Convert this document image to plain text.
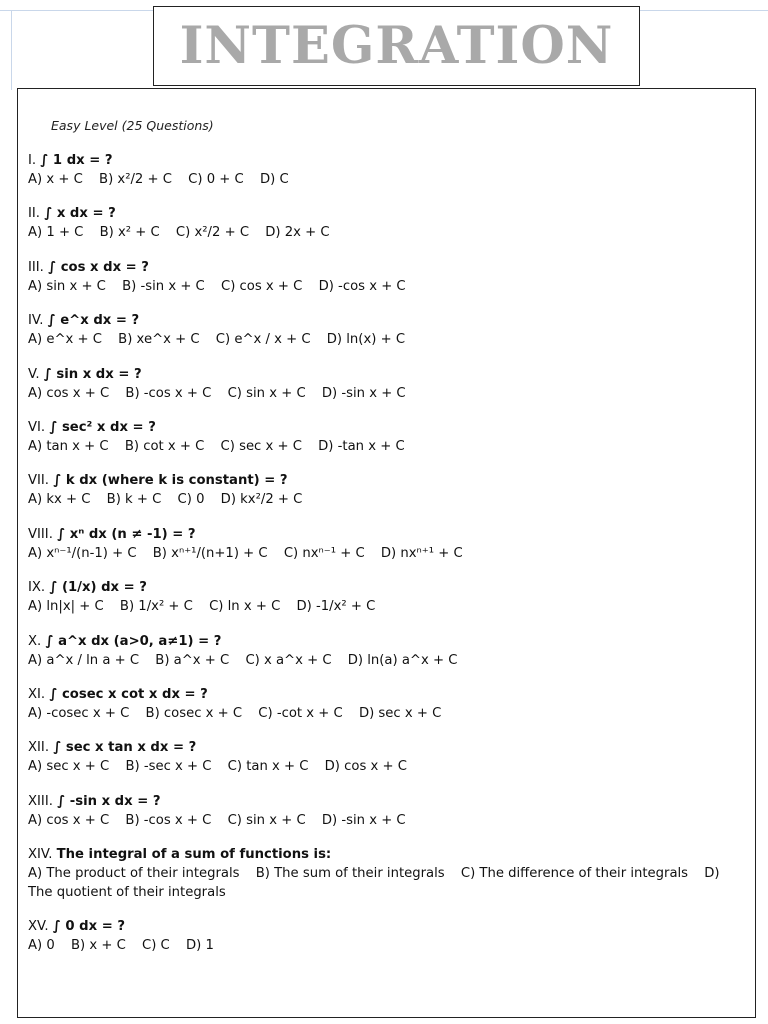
INTEGRATION
Easy Level (25 Questions)
I. ∫ 1 dx = ?
A) x + C B) x²/2 + C C) 0 + C D) C
II. ∫ x dx = ?
A) 1 + C B) x² + C C) x²/2 + C D) 2x + C
III. ∫ cos x dx = ?
A) sin x + C B) -sin x + C C) cos x + C D) -cos x + C
IV. ∫ e^x dx = ?
A) e^x + C B) xe^x + C C) e^x / x + C D) ln(x) + C
V. ∫ sin x dx = ?
A) cos x + C B) -cos x + C C) sin x + C D) -sin x + C
VI. ∫ sec² x dx = ?
A) tan x + C B) cot x + C C) sec x + C D) -tan x + C
VII. ∫ k dx (where k is constant) = ?
A) kx + C B) k + C C) 0 D) kx²/2 + C
VIII. ∫ xⁿ dx (n ≠ -1) = ?
A) xⁿ⁻¹/(n-1) + C B) xⁿ⁺¹/(n+1) + C C) nxⁿ⁻¹ + C D) nxⁿ⁺¹ + C
IX. ∫ (1/x) dx = ?
A) ln|x| + C B) 1/x² + C C) ln x + C D) -1/x² + C
X. ∫ a^x dx (a>0, a≠1) = ?
A) a^x / ln a + C B) a^x + C C) x a^x + C D) ln(a) a^x + C
XI. ∫ cosec x cot x dx = ?
A) -cosec x + C B) cosec x + C C) -cot x + C D) sec x + C
XII. ∫ sec x tan x dx = ?
A) sec x + C B) -sec x + C C) tan x + C D) cos x + C
XIII. ∫ -sin x dx = ?
A) cos x + C B) -cos x + C C) sin x + C D) -sin x + C
XIV. The integral of a sum of functions is:
A) The product of their integrals B) The sum of their integrals C) The difference of their integrals D) The quotient of their integrals
XV. ∫ 0 dx = ?
A) 0 B) x + C C) C D) 1
